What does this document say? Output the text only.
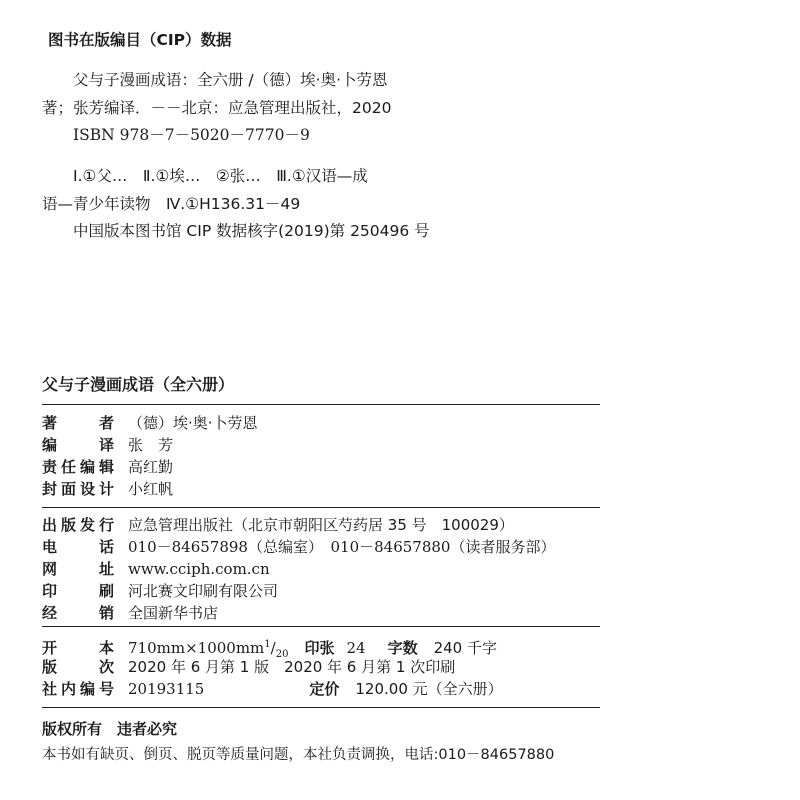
图书在版编目（CIP）数据
父与子漫画成语：全六册 /（德）埃·奥·卜劳恩
著；张芳编译．－－北京：应急管理出版社，2020
ISBN 978－7－5020－7770－9
Ⅰ.①父…　Ⅱ.①埃…　②张…　Ⅲ.①汉语—成
语—青少年读物　Ⅳ.①H136.31－49
中国版本图书馆 CIP 数据核字(2019)第 250496 号
父与子漫画成语（全六册）
著者 （德）埃·奥·卜劳恩
编译 张　芳
责任编辑 高红勤
封面设计 小红帆
出版发行 应急管理出版社（北京市朝阳区芍药居 35 号　100029）
电话 010－84657898（总编室）　010－84657880（读者服务部）
网址 www.cciph.com.cn
印刷 河北赛文印刷有限公司
经销 全国新华书店
开本 $710mm\times 1000mm^1/_{20}$ 印张 24 字数 240 千字
版次 2020 年 6 月第 1 版　2020 年 6 月第 1 次印刷
社内编号 20193115	定价 120.00 元（全六册）
版权所有　违者必究
本书如有缺页、倒页、脱页等质量问题，本社负责调换，电话:010－84657880
